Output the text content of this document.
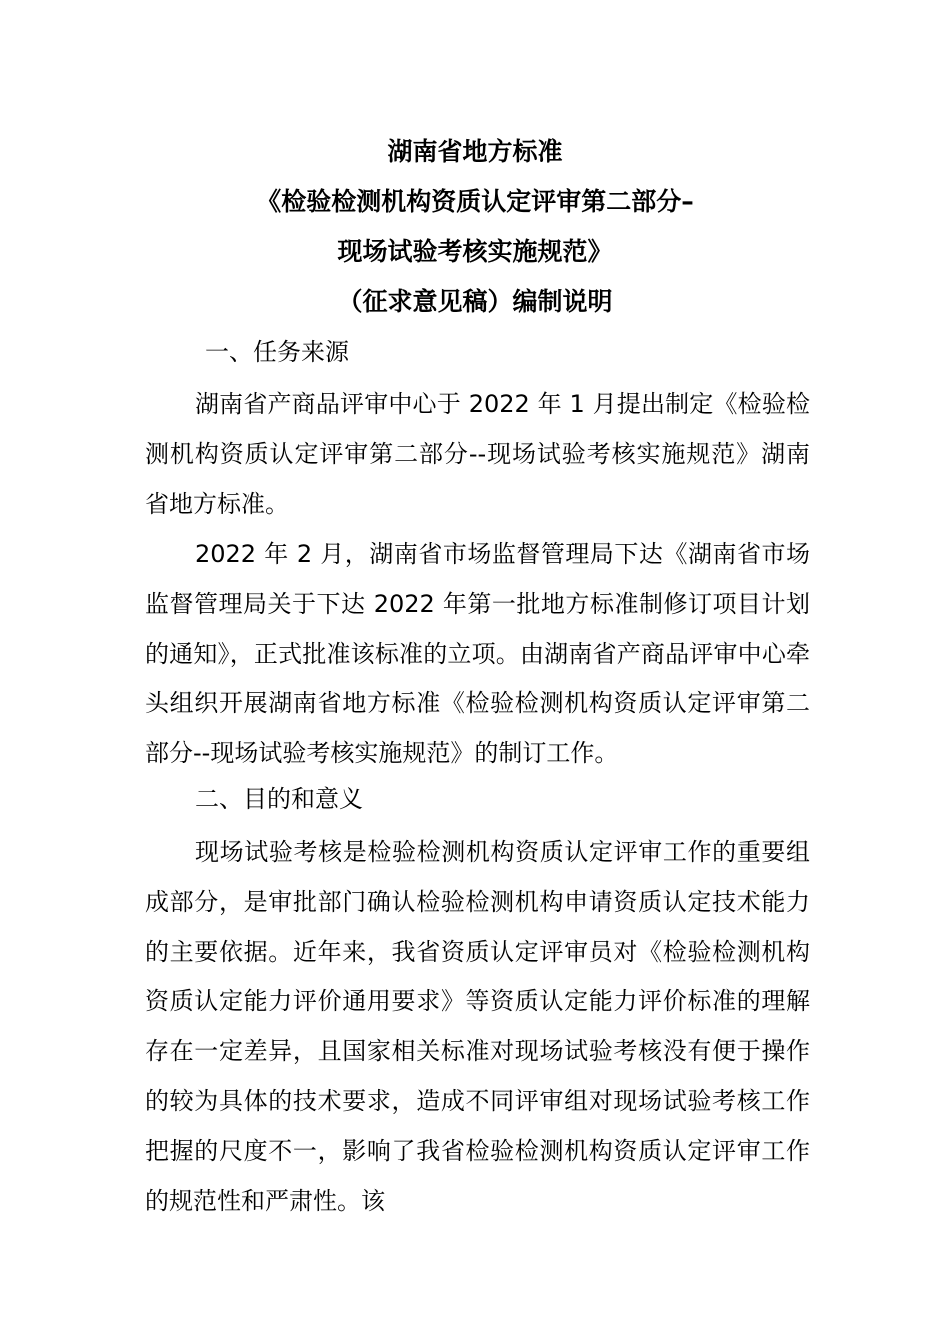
湖南省地方标准
《检验检测机构资质认定评审第二部分–
现场试验考核实施规范》
（征求意见稿）编制说明
一、任务来源

湖南省产商品评审中心于 2022 年 1 月提出制定《检验检测机构资质认定评审第二部分--现场试验考核实施规范》湖南省地方标准。

2022 年 2 月，湖南省市场监督管理局下达《湖南省市场监督管理局关于下达 2022 年第一批地方标准制修订项目计划的通知》，正式批准该标准的立项。由湖南省产商品评审中心牵头组织开展湖南省地方标准《检验检测机构资质认定评审第二部分--现场试验考核实施规范》的制订工作。

二、目的和意义

现场试验考核是检验检测机构资质认定评审工作的重要组成部分，是审批部门确认检验检测机构申请资质认定技术能力的主要依据。近年来，我省资质认定评审员对《检验检测机构资质认定能力评价通用要求》等资质认定能力评价标准的理解存在一定差异，且国家相关标准对现场试验考核没有便于操作的较为具体的技术要求，造成不同评审组对现场试验考核工作把握的尺度不一，影响了我省检验检测机构资质认定评审工作的规范性和严肃性。该
